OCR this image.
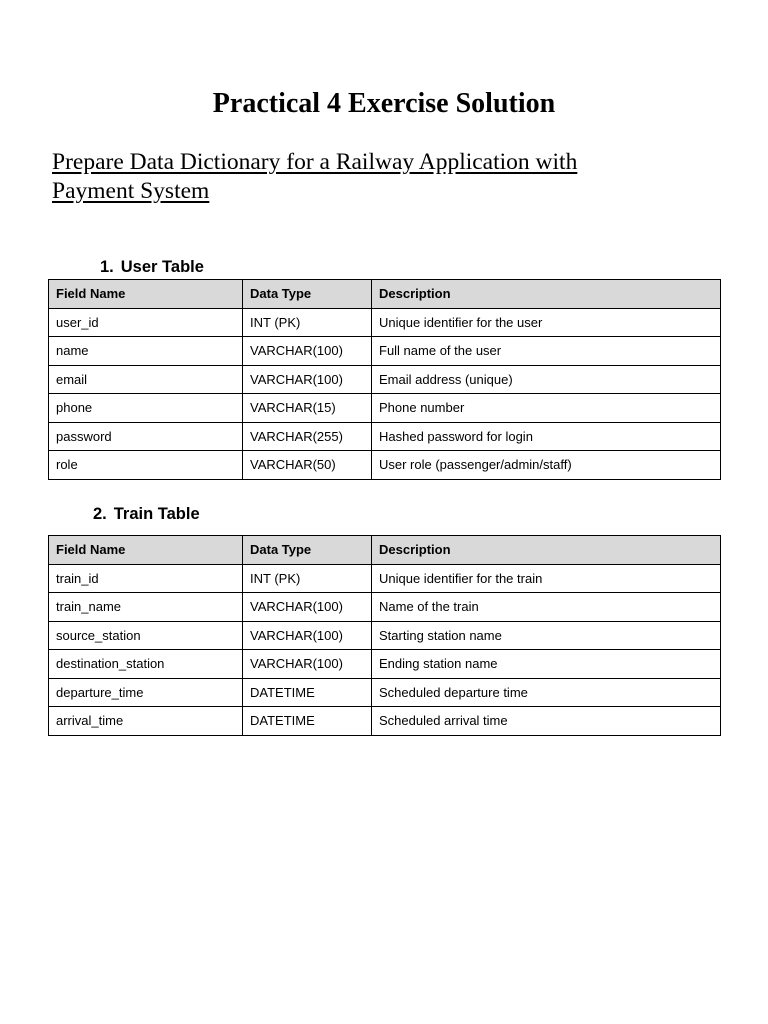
Practical 4 Exercise Solution
Prepare Data Dictionary for a Railway Application with
Payment System
1. User Table
Field Name	Data Type	Description
user_id	INT (PK)	Unique identifier for the user
name	VARCHAR(100)	Full name of the user
email	VARCHAR(100)	Email address (unique)
phone	VARCHAR(15)	Phone number
password	VARCHAR(255)	Hashed password for login
role	VARCHAR(50)	User role (passenger/admin/staff)
2. Train Table
Field Name	Data Type	Description
train_id	INT (PK)	Unique identifier for the train
train_name	VARCHAR(100)	Name of the train
source_station	VARCHAR(100)	Starting station name
destination_station	VARCHAR(100)	Ending station name
departure_time	DATETIME	Scheduled departure time
arrival_time	DATETIME	Scheduled arrival time
